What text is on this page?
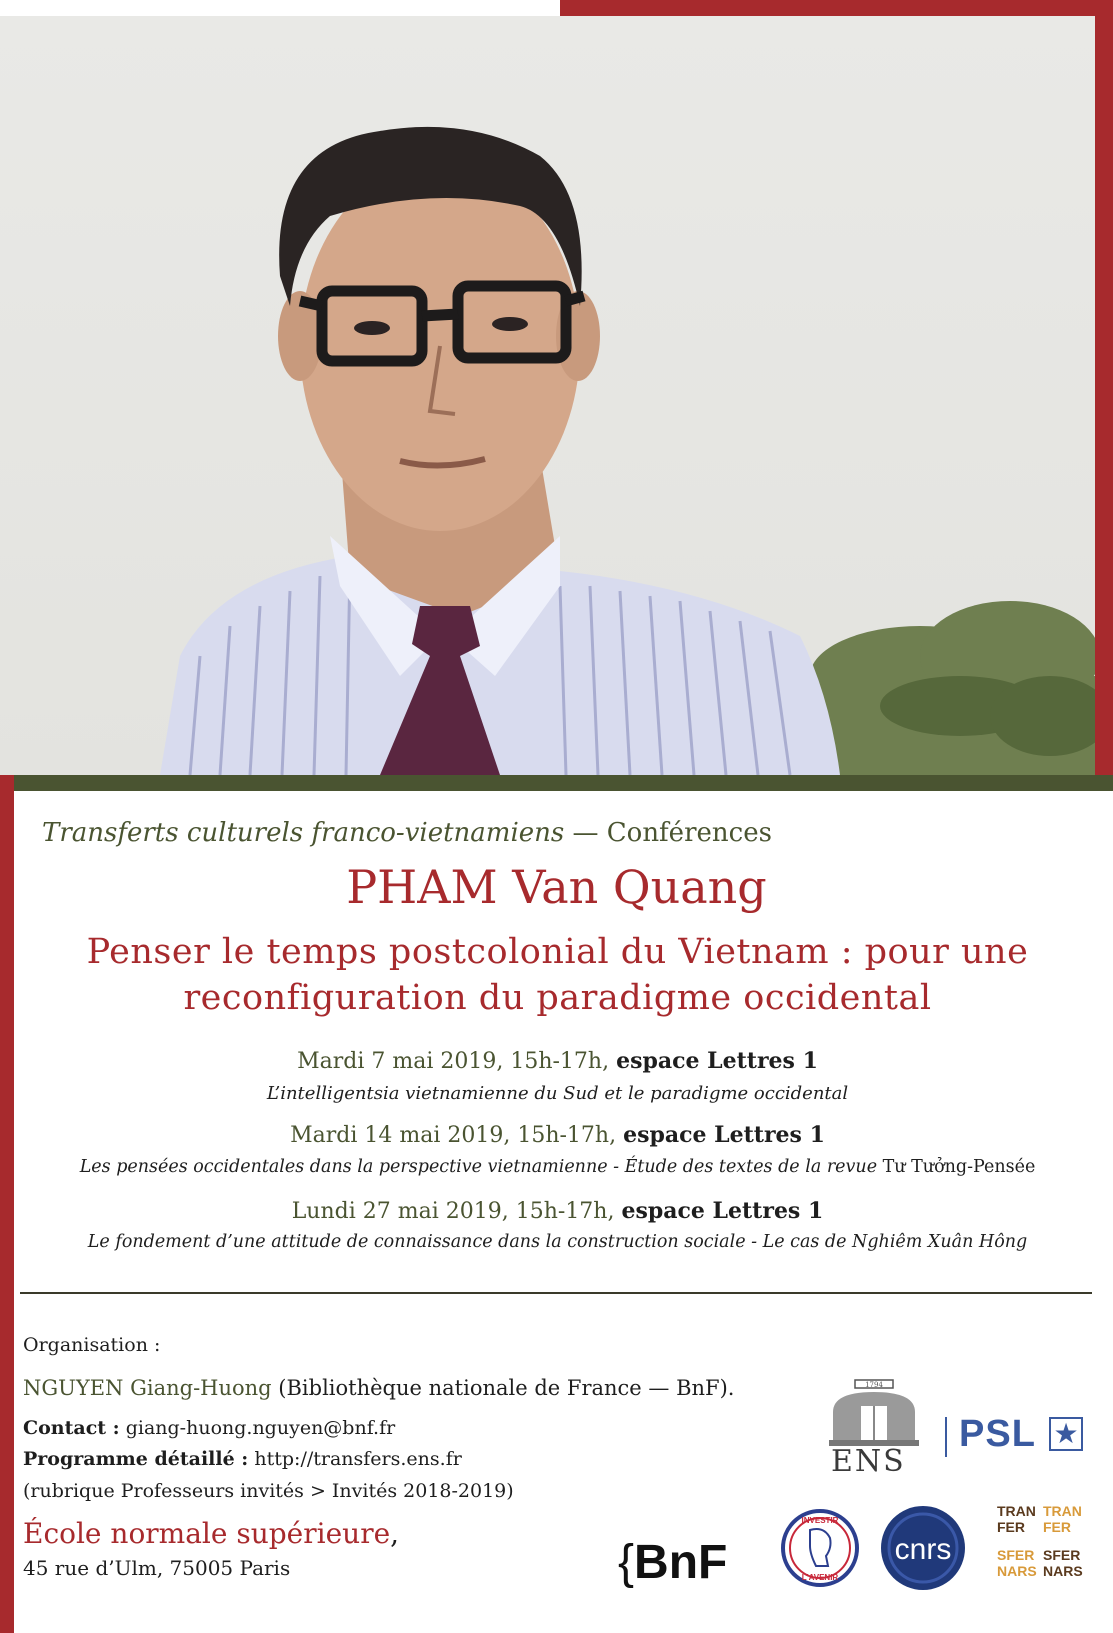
Transferts culturels franco-vietnamiens — Conférences
PHAM Van Quang
Penser le temps postcolonial du Vietnam : pour une
reconfiguration du paradigme occidental
Mardi 7 mai 2019, 15h-17h, espace Lettres 1
L’intelligentsia vietnamienne du Sud et le paradigme occidental
Mardi 14 mai 2019, 15h-17h, espace Lettres 1
Les pensées occidentales dans la perspective vietnamienne - Étude des textes de la revue Tư Tưởng-Pensée
Lundi 27 mai 2019, 15h-17h, espace Lettres 1
Le fondement d’une attitude de connaissance dans la construction sociale - Le cas de Nghiêm Xuân Hông
Organisation :
NGUYEN Giang-Huong (Bibliothèque nationale de France — BnF).
Contact : giang-huong.nguyen@bnf.fr
Programme détaillé : http://transfers.ens.fr
(rubrique Professeurs invités > Invités 2018-2019)
École normale supérieure,
45 rue d’Ulm, 75005 Paris
1794
ENS
PSL ★
{BnF
INVESTIR
L'AVENIR
cnrs
TRAN
FER
TRAN
FER
SFER
NARS
SFER
NARS
TRANSFERS
